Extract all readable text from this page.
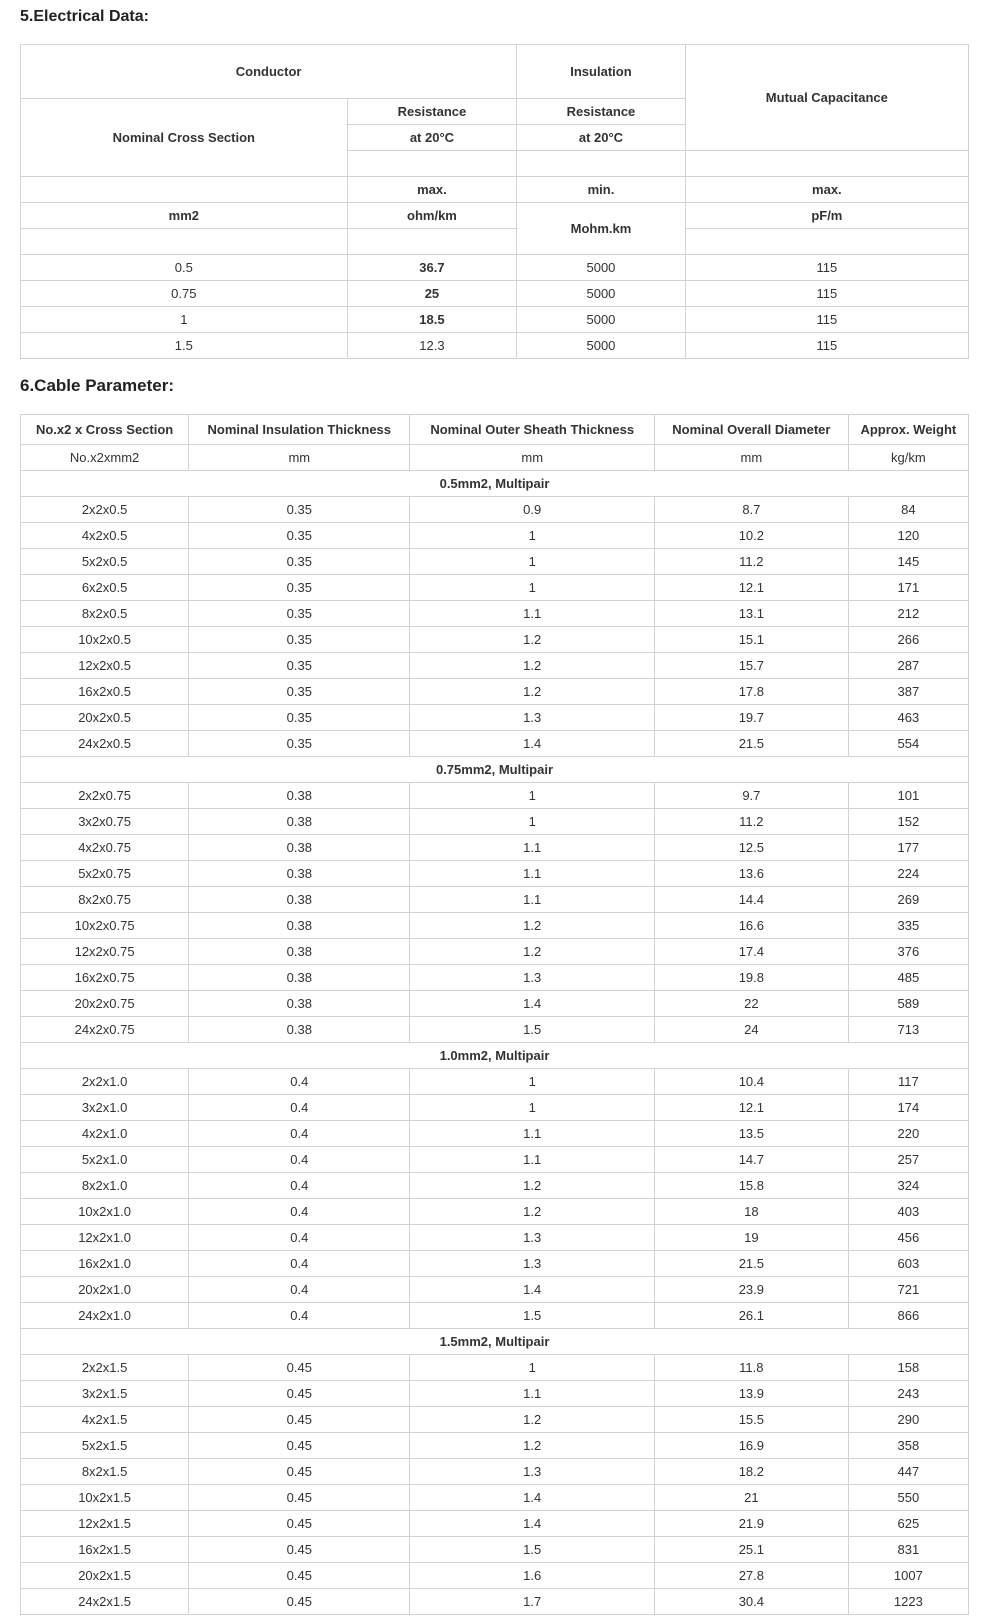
5.Electrical Data:
Conductor		Insulation	Mutual Capacitance
Nominal Cross Section	Resistance	Resistance	
	at 20°C	at 20°C	

	max.	min.	max.
mm2	ohm/km	Mohm.km	pF/m

0.5	36.7	5000	115
0.75	25	5000	115
1	18.5	5000	115
1.5	12.3	5000	115
6.Cable Parameter:
No.x2 x Cross Section	Nominal Insulation Thickness	Nominal Outer Sheath Thickness	Nominal Overall Diameter	Approx. Weight
No.x2xmm2	mm	mm	mm	kg/km
0.5mm2, Multipair				
2x2x0.5	0.35	0.9	8.7	84
4x2x0.5	0.35	1	10.2	120
5x2x0.5	0.35	1	11.2	145
6x2x0.5	0.35	1	12.1	171
8x2x0.5	0.35	1.1	13.1	212
10x2x0.5	0.35	1.2	15.1	266
12x2x0.5	0.35	1.2	15.7	287
16x2x0.5	0.35	1.2	17.8	387
20x2x0.5	0.35	1.3	19.7	463
24x2x0.5	0.35	1.4	21.5	554
0.75mm2, Multipair				
2x2x0.75	0.38	1	9.7	101
3x2x0.75	0.38	1	11.2	152
4x2x0.75	0.38	1.1	12.5	177
5x2x0.75	0.38	1.1	13.6	224
8x2x0.75	0.38	1.1	14.4	269
10x2x0.75	0.38	1.2	16.6	335
12x2x0.75	0.38	1.2	17.4	376
16x2x0.75	0.38	1.3	19.8	485
20x2x0.75	0.38	1.4	22	589
24x2x0.75	0.38	1.5	24	713
1.0mm2, Multipair				
2x2x1.0	0.4	1	10.4	117
3x2x1.0	0.4	1	12.1	174
4x2x1.0	0.4	1.1	13.5	220
5x2x1.0	0.4	1.1	14.7	257
8x2x1.0	0.4	1.2	15.8	324
10x2x1.0	0.4	1.2	18	403
12x2x1.0	0.4	1.3	19	456
16x2x1.0	0.4	1.3	21.5	603
20x2x1.0	0.4	1.4	23.9	721
24x2x1.0	0.4	1.5	26.1	866
1.5mm2, Multipair				
2x2x1.5	0.45	1	11.8	158
3x2x1.5	0.45	1.1	13.9	243
4x2x1.5	0.45	1.2	15.5	290
5x2x1.5	0.45	1.2	16.9	358
8x2x1.5	0.45	1.3	18.2	447
10x2x1.5	0.45	1.4	21	550
12x2x1.5	0.45	1.4	21.9	625
16x2x1.5	0.45	1.5	25.1	831
20x2x1.5	0.45	1.6	27.8	1007
24x2x1.5	0.45	1.7	30.4	1223
